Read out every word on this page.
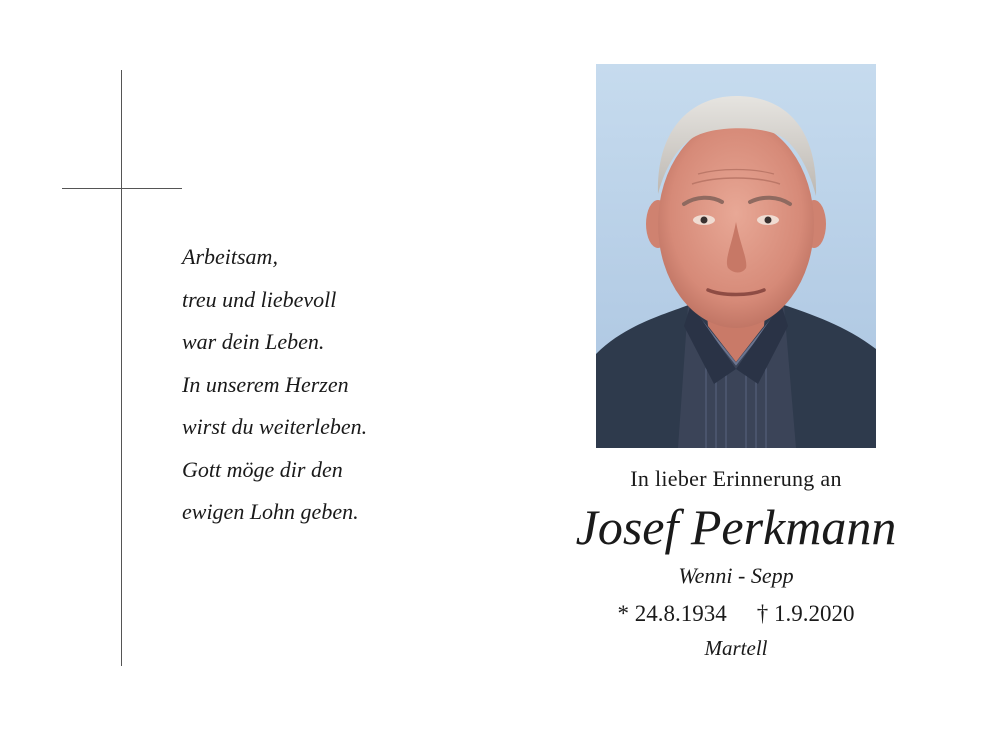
Arbeitsam,
treu und liebevoll
war dein Leben.
In unserem Herzen
wirst du weiterleben.
Gott möge dir den
ewigen Lohn geben.
In lieber Erinnerung an
Josef Perkmann
Wenni - Sepp
* 24.8.1934 † 1.9.2020
Martell
